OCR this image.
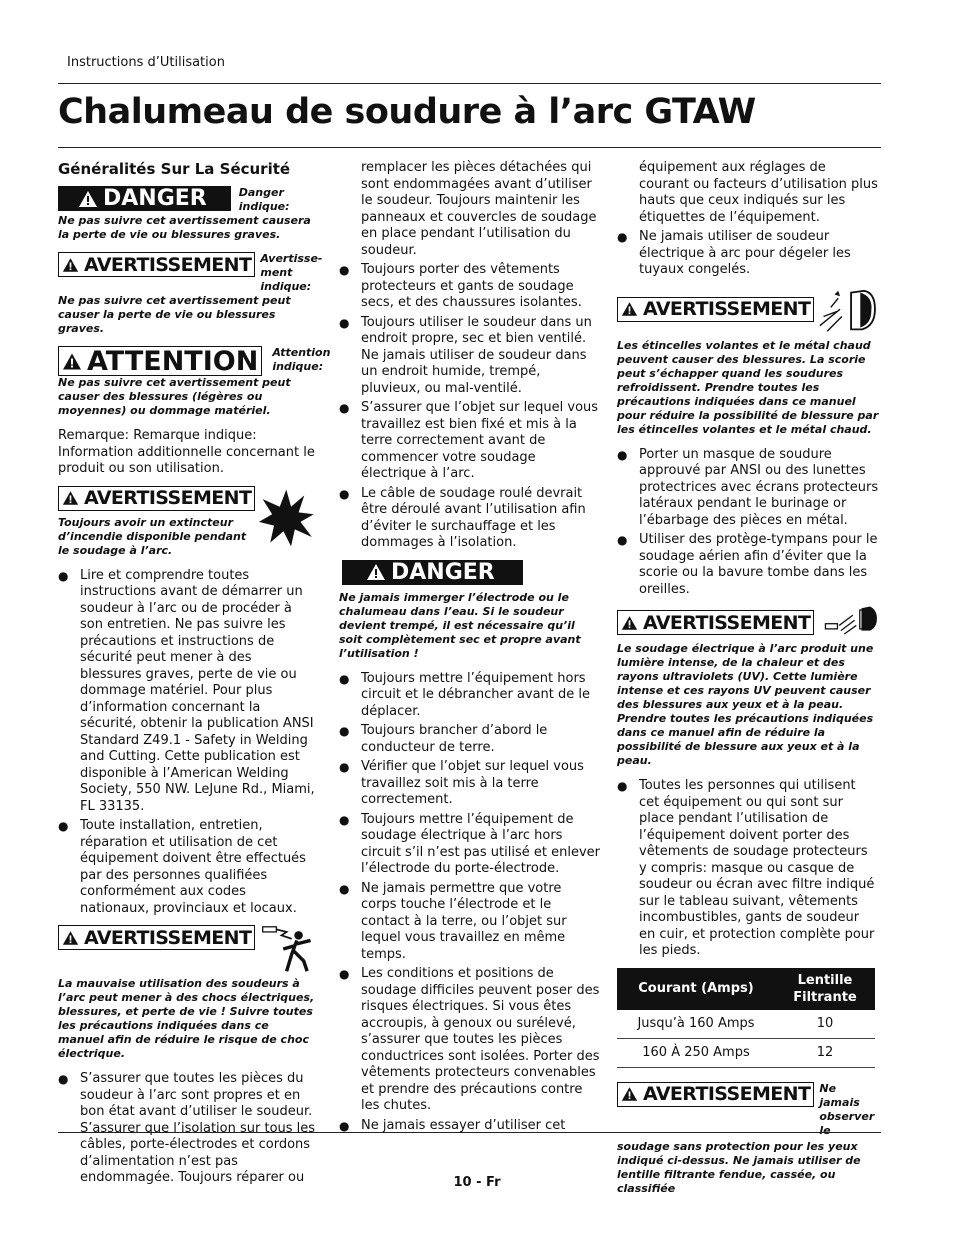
Instructions d’Utilisation
Chalumeau de soudure à l’arc GTAW
Généralités Sur La Sécurité
DANGER	Danger indique:
Ne pas suivre cet avertissement causera la perte de vie ou blessures graves.
AVERTISSEMENT Avertisse-ment indique:
Ne pas suivre cet avertissement peut causer la perte de vie ou blessures graves.
ATTENTION Attention indique:
Ne pas suivre cet avertissement peut causer des blessures (légères ou moyennes) ou dommage matériel.
Remarque: Remarque indique: Information additionnelle concernant le produit ou son utilisation.
AVERTISSEMENT
Toujours avoir un extincteur d’incendie disponible pendant le soudage à l’arc.
● Lire et comprendre toutes instructions avant de démarrer un soudeur à l’arc ou de procéder à son entretien. Ne pas suivre les précautions et instructions de sécurité peut mener à des blessures graves, perte de vie ou dommage matériel. Pour plus d’information concernant la sécurité, obtenir la publication ANSI Standard Z49.1 - Safety in Welding and Cutting. Cette publication est disponible à l’American Welding Society, 550 NW. LeJune Rd., Miami, FL 33135.
● Toute installation, entretien, réparation et utilisation de cet équipement doivent être effectués par des personnes qualifiées conformément aux codes nationaux, provinciaux et locaux.
AVERTISSEMENT
La mauvaise utilisation des soudeurs à l’arc peut mener à des chocs électriques, blessures, et perte de vie ! Suivre toutes les précautions indiquées dans ce manuel afin de réduire le risque de choc électrique.
● S’assurer que toutes les pièces du soudeur à l’arc sont propres et en bon état avant d’utiliser le soudeur. S’assurer que l’isolation sur tous les câbles, porte-électrodes et cordons d’alimentation n’est pas endommagée. Toujours réparer ou
remplacer les pièces détachées qui sont endommagées avant d’utiliser le soudeur. Toujours maintenir les panneaux et couvercles de soudage en place pendant l’utilisation du soudeur.
● Toujours porter des vêtements protecteurs et gants de soudage secs, et des chaussures isolantes.
● Toujours utiliser le soudeur dans un endroit propre, sec et bien ventilé. Ne jamais utiliser de soudeur dans un endroit humide, trempé, pluvieux, ou mal-ventilé.
● S’assurer que l’objet sur lequel vous travaillez est bien fixé et mis à la terre correctement avant de commencer votre soudage électrique à l’arc.
● Le câble de soudage roulé devrait être déroulé avant l’utilisation afin d’éviter le surchauffage et les dommages à l’isolation.
DANGER
Ne jamais immerger l’électrode ou le chalumeau dans l’eau. Si le soudeur devient trempé, il est nécessaire qu’il soit complètement sec et propre avant l’utilisation !
● Toujours mettre l’équipement hors circuit et le débrancher avant de le déplacer.
● Toujours brancher d’abord le conducteur de terre.
● Vérifier que l’objet sur lequel vous travaillez soit mis à la terre correctement.
● Toujours mettre l’équipement de soudage électrique à l’arc hors circuit s’il n’est pas utilisé et enlever l’électrode du porte-électrode.
● Ne jamais permettre que votre corps touche l’électrode et le contact à la terre, ou l’objet sur lequel vous travaillez en même temps.
● Les conditions et positions de soudage difficiles peuvent poser des risques électriques. Si vous êtes accroupis, à genoux ou surélevé, s’assurer que toutes les pièces conductrices sont isolées. Porter des vêtements protecteurs convenables et prendre des précautions contre les chutes.
● Ne jamais essayer d’utiliser cet
équipement aux réglages de courant ou facteurs d’utilisation plus hauts que ceux indiqués sur les étiquettes de l’équipement.
● Ne jamais utiliser de soudeur électrique à arc pour dégeler les tuyaux congelés.
AVERTISSEMENT
Les étincelles volantes et le métal chaud peuvent causer des blessures. La scorie peut s’échapper quand les soudures refroidissent. Prendre toutes les précautions indiquées dans ce manuel pour réduire la possibilité de blessure par les étincelles volantes et le métal chaud.
● Porter un masque de soudure approuvé par ANSI ou des lunettes protectrices avec écrans protecteurs latéraux pendant le burinage or l’ébarbage des pièces en métal.
● Utiliser des protège-tympans pour le soudage aérien afin d’éviter que la scorie ou la bavure tombe dans les oreilles.
AVERTISSEMENT
Le soudage électrique à l’arc produit une lumière intense, de la chaleur et des rayons ultraviolets (UV). Cette lumière intense et ces rayons UV peuvent causer des blessures aux yeux et à la peau. Prendre toutes les précautions indiquées dans ce manuel afin de réduire la possibilité de blessure aux yeux et à la peau.
● Toutes les personnes qui utilisent cet équipement ou qui sont sur place pendant l’utilisation de l’équipement doivent porter des vêtements de soudage protecteurs y compris: masque ou casque de soudeur ou écran avec filtre indiqué sur le tableau suivant, vêtements incombustibles, gants de soudeur en cuir, et protection complète pour les pieds.
Courant (Amps)	Lentille Filtrante
Jusqu’à 160 Amps	10
160 À 250 Amps	12
AVERTISSEMENT Ne jamais observer le
soudage sans protection pour les yeux indiqué ci-dessus. Ne jamais utiliser de lentille filtrante fendue, cassée, ou classifiée
10 - Fr
